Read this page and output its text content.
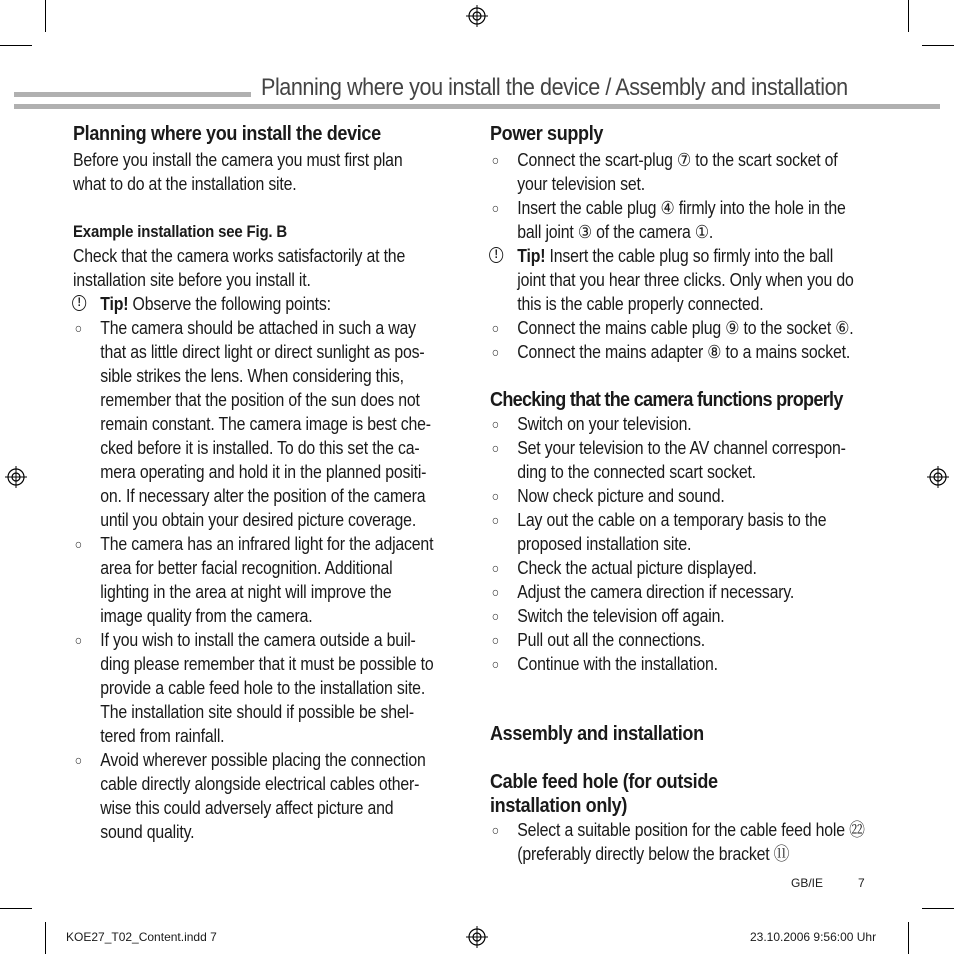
Planning where you install the device / Assembly and installation
Planning where you install the device
Before you install the camera you must first plan
what to do at the installation site.
Example installation see Fig. B
Check that the camera works satisfactorily at the
installation site before you install it.
! Tip! Observe the following points:
○ The camera should be attached in such a way
that as little direct light or direct sunlight as pos-
sible strikes the lens. When considering this,
remember that the position of the sun does not
remain constant. The camera image is best che-
cked before it is installed. To do this set the ca-
mera operating and hold it in the planned positi-
on. If necessary alter the position of the camera
until you obtain your desired picture coverage.
○ The camera has an infrared light for the adjacent
area for better facial recognition. Additional
lighting in the area at night will improve the
image quality from the camera.
○ If you wish to install the camera outside a buil-
ding please remember that it must be possible to
provide a cable feed hole to the installation site.
The installation site should if possible be shel-
tered from rainfall.
○ Avoid wherever possible placing the connection
cable directly alongside electrical cables other-
wise this could adversely affect picture and
sound quality.
Power supply
○ Connect the scart-plug ⑦ to the scart socket of
your television set.
○ Insert the cable plug ④ firmly into the hole in the
ball joint ③ of the camera ①.
! Tip! Insert the cable plug so firmly into the ball
joint that you hear three clicks. Only when you do
this is the cable properly connected.
○ Connect the mains cable plug ⑨ to the socket ⑥.
○ Connect the mains adapter ⑧ to a mains socket.
Checking that the camera functions properly
○ Switch on your television.
○ Set your television to the AV channel correspon-
ding to the connected scart socket.
○ Now check picture and sound.
○ Lay out the cable on a temporary basis to the
proposed installation site.
○ Check the actual picture displayed.
○ Adjust the camera direction if necessary.
○ Switch the television off again.
○ Pull out all the connections.
○ Continue with the installation.
Assembly and installation
Cable feed hole (for outside
installation only)
○ Select a suitable position for the cable feed hole ㉒
(preferably directly below the bracket ⑪
GB/IE	7
KOE27_T02_Content.indd 7	23.10.2006 9:56:00 Uhr
